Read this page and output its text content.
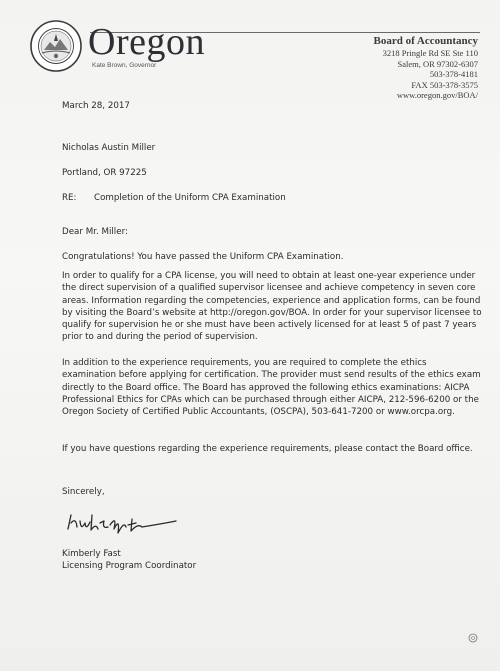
Oregon
Kate Brown, Governor
Board of Accountancy
3218 Pringle Rd SE Ste 110
Salem, OR 97302-6307
503-378-4181
FAX 503-378-3575
www.oregon.gov/BOA/
March 28, 2017
Nicholas Austin Miller
Portland, OR 97225
RE:	Completion of the Uniform CPA Examination
Dear Mr. Miller:
Congratulations! You have passed the Uniform CPA Examination.
In order to qualify for a CPA license, you will need to obtain at least one-year experience under the direct supervision of a qualified supervisor licensee and achieve competency in seven core areas. Information regarding the competencies, experience and application forms, can be found by visiting the Board’s website at http://oregon.gov/BOA. In order for your supervisor licensee to qualify for supervision he or she must have been actively licensed for at least 5 of past 7 years prior to and during the period of supervision.
In addition to the experience requirements, you are required to complete the ethics examination before applying for certification. The provider must send results of the ethics exam directly to the Board office. The Board has approved the following ethics examinations: AICPA Professional Ethics for CPAs which can be purchased through either AICPA, 212-596-6200 or the Oregon Society of Certified Public Accountants, (OSCPA), 503-641-7200 or www.orcpa.org.
If you have questions regarding the experience requirements, please contact the Board office.
Sincerely,
Kimberly Fast
Licensing Program Coordinator
